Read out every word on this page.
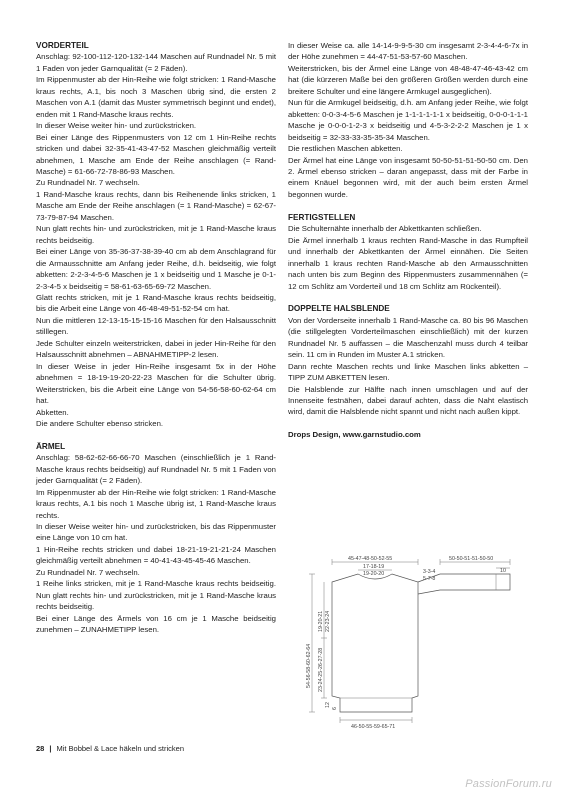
VORDERTEIL

Anschlag: 92-100-112-120-132-144 Maschen auf Rundnadel Nr. 5 mit 1 Faden von jeder Garnqualität (= 2 Fäden).

Im Rippenmuster ab der Hin-Reihe wie folgt stricken: 1 Rand-Masche kraus rechts, A.1, bis noch 3 Maschen übrig sind, die ersten 2 Maschen von A.1 (damit das Muster symmetrisch beginnt und endet), enden mit 1 Rand-Masche kraus rechts.

In dieser Weise weiter hin- und zurückstricken.

Bei einer Länge des Rippenmusters von 12 cm 1 Hin-Reihe rechts stricken und dabei 32-35-41-43-47-52 Maschen gleichmäßig verteilt abnehmen, 1 Masche am Ende der Reihe anschlagen (= Rand-Masche) = 61-66-72-78-86-93 Maschen.

Zu Rundnadel Nr. 7 wechseln.

1 Rand-Masche kraus rechts, dann bis Reihenende links stricken, 1 Masche am Ende der Reihe anschlagen (= 1 Rand-Masche) = 62-67-73-79-87-94 Maschen.

Nun glatt rechts hin- und zurückstricken, mit je 1 Rand-Masche kraus rechts beidseitig.

Bei einer Länge von 35-36-37-38-39-40 cm ab dem Anschlagrand für die Armausschnitte am Anfang jeder Reihe, d.h. beidseitig, wie folgt abketten: 2-2-3-4-5-6 Maschen je 1 x beidseitig und 1 Masche je 0-1-2-3-4-5 x beidseitig = 58-61-63-65-69-72 Maschen.

Glatt rechts stricken, mit je 1 Rand-Masche kraus rechts beidseitig, bis die Arbeit eine Länge von 46-48-49-51-52-54 cm hat.

Nun die mittleren 12-13-15-15-15-16 Maschen für den Halsausschnitt stilllegen.

Jede Schulter einzeln weiterstricken, dabei in jeder Hin-Reihe für den Halsausschnitt abnehmen – ABNAHMETIPP-2 lesen.

In dieser Weise in jeder Hin-Reihe insgesamt 5x in der Höhe abnehmen = 18-19-19-20-22-23 Maschen für die Schulter übrig. Weiterstricken, bis die Arbeit eine Länge von 54-56-58-60-62-64 cm hat.

Abketten.

Die andere Schulter ebenso stricken.

ÄRMEL

Anschlag: 58-62-62-66-66-70 Maschen (einschließlich je 1 Rand-Masche kraus rechts beidseitig) auf Rundnadel Nr. 5 mit 1 Faden von jeder Garnqualität (= 2 Fäden).

Im Rippenmuster ab der Hin-Reihe wie folgt stricken: 1 Rand-Masche kraus rechts, A.1 bis noch 1 Masche übrig ist, 1 Rand-Masche kraus rechts.

In dieser Weise weiter hin- und zurückstricken, bis das Rippenmuster eine Länge von 10 cm hat.

1 Hin-Reihe rechts stricken und dabei 18-21-19-21-21-24 Maschen gleichmäßig verteilt abnehmen = 40-41-43-45-45-46 Maschen.

Zu Rundnadel Nr. 7 wechseln.

1 Reihe links stricken, mit je 1 Rand-Masche kraus rechts beidseitig. Nun glatt rechts hin- und zurückstricken, mit je 1 Rand-Masche kraus rechts beidseitig.

Bei einer Länge des Ärmels von 16 cm je 1 Masche beidseitig zunehmen – ZUNAHMETIPP lesen.

In dieser Weise ca. alle 14-14-9-9-5-30 cm insgesamt 2-3-4-4-6-7x in der Höhe zunehmen = 44-47-51-53-57-60 Maschen.

Weiterstricken, bis der Ärmel eine Länge von 48-48-47-46-43-42 cm hat (die kürzeren Maße bei den größeren Größen werden durch eine breitere Schulter und eine längere Armkugel ausgeglichen).

Nun für die Armkugel beidseitig, d.h. am Anfang jeder Reihe, wie folgt abketten: 0-0-3-4-5-6 Maschen je 1-1-1-1-1-1 x beidseitig, 0-0-0-1-1-1 Masche je 0-0-0-1-2-3 x beidseitig und 4-5-3-2-2-2 Maschen je 1 x beidseitig = 32-33-33-35-35-34 Maschen.

Die restlichen Maschen abketten.

Der Ärmel hat eine Länge von insgesamt 50-50-51-51-50-50 cm. Den 2. Ärmel ebenso stricken – daran angepasst, dass mit der Farbe in einem Knäuel begonnen wird, mit der auch beim ersten Ärmel begonnen wurde.

FERTIGSTELLEN

Die Schulternähte innerhalb der Abkettkanten schließen.

Die Ärmel innerhalb 1 kraus rechten Rand-Masche in das Rumpfteil und innerhalb der Abkettkanten der Ärmel einnähen. Die Seiten innerhalb 1 kraus rechten Rand-Masche ab den Armausschnitten nach unten bis zum Beginn des Rippenmusters zusammennähen (= 12 cm Schlitz am Vorderteil und 18 cm Schlitz am Rückenteil).

DOPPELTE HALSBLENDE

Von der Vorderseite innerhalb 1 Rand-Masche ca. 80 bis 96 Maschen (die stillgelegten Vorderteilmaschen einschließlich) mit der kurzen Rundnadel Nr. 5 auffassen – die Maschenzahl muss durch 4 teilbar sein. 11 cm in Runden im Muster A.1 stricken.

Dann rechte Maschen rechts und linke Maschen links abketten – TIPP ZUM ABKETTEN lesen.

Die Halsblende zur Hälfte nach innen umschlagen und auf der Innenseite festnähen, dabei darauf achten, dass die Naht elastisch wird, damit die Halsblende nicht spannt und nicht nach außen kippt.

Drops Design, www.garnstudio.com

45-47-48-50-52-55
17-18-19
19-20-20
50-50-51-51-50-50
10
3-3-4
5-7-8
54-56-58-60-62-64
19-20-21 22-23-24
23-24-25-26-27-28
12
6
46-50-55-59-65-71
28 | Mit Bobbel & Lace häkeln und stricken
PassionForum.ru
